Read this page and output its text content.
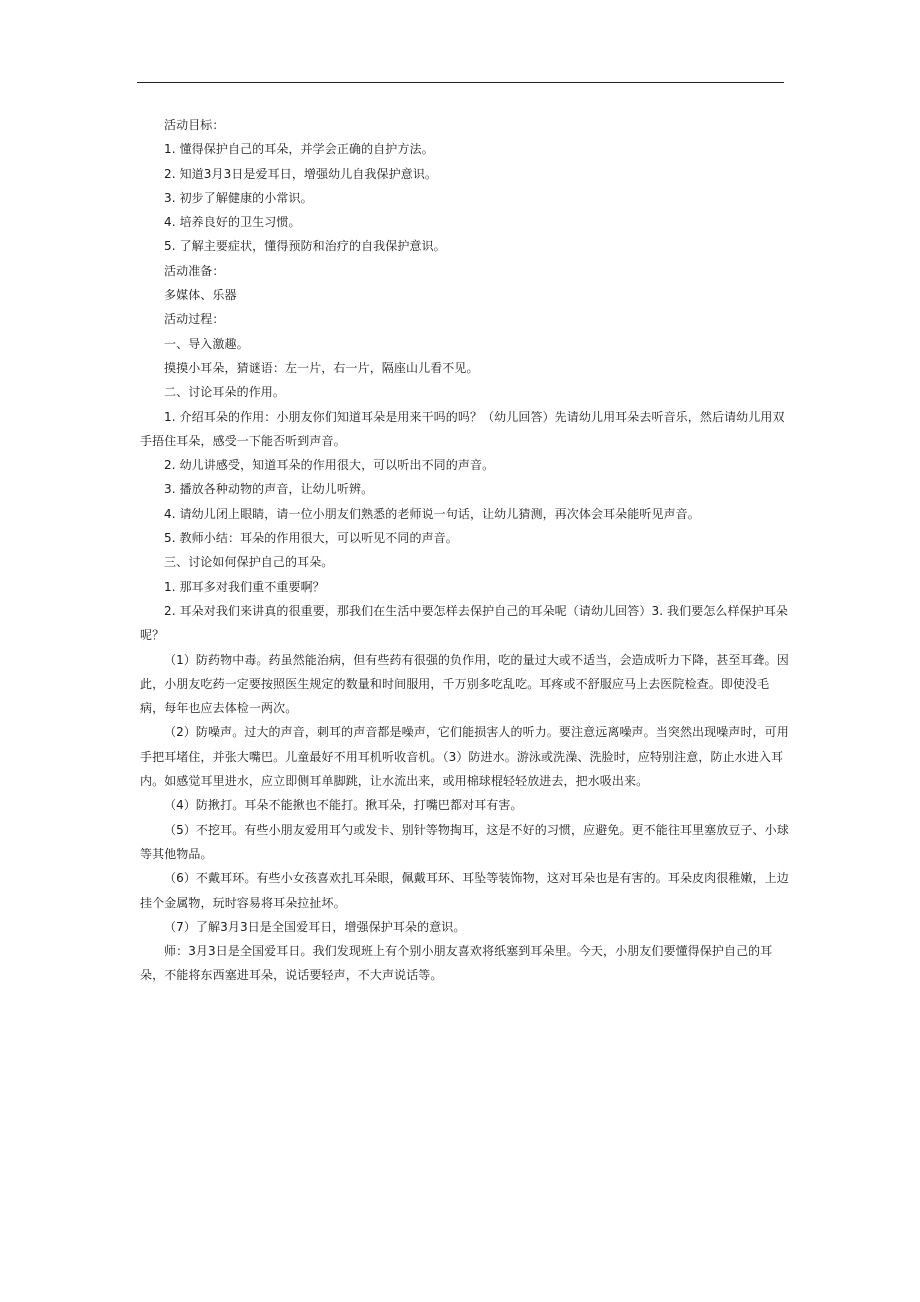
活动目标：

1. 懂得保护自己的耳朵，并学会正确的自护方法。

2. 知道3月3日是爱耳日，增强幼儿自我保护意识。

3. 初步了解健康的小常识。

4. 培养良好的卫生习惯。

5. 了解主要症状，懂得预防和治疗的自我保护意识。

活动准备：

多媒体、乐器

活动过程：

一、导入激趣。

摸摸小耳朵，猜谜语：左一片，右一片，隔座山儿看不见。

二、讨论耳朵的作用。

1. 介绍耳朵的作用：小朋友你们知道耳朵是用来干吗的吗？（幼儿回答）先请幼儿用耳朵去听音乐，然后请幼儿用双手捂住耳朵，感受一下能否听到声音。

2. 幼儿讲感受，知道耳朵的作用很大，可以听出不同的声音。

3. 播放各种动物的声音，让幼儿听辨。

4. 请幼儿闭上眼睛，请一位小朋友们熟悉的老师说一句话，让幼儿猜测，再次体会耳朵能听见声音。

5. 教师小结：耳朵的作用很大，可以听见不同的声音。

三、讨论如何保护自己的耳朵。

1. 那耳多对我们重不重要啊？

2. 耳朵对我们来讲真的很重要，那我们在生活中要怎样去保护自己的耳朵呢（请幼儿回答）3. 我们要怎么样保护耳朵呢？

（1）防药物中毒。药虽然能治病，但有些药有很强的负作用，吃的量过大或不适当，会造成听力下降，甚至耳聋。因此，小朋友吃药一定要按照医生规定的数量和时间服用，千万别多吃乱吃。耳疼或不舒服应马上去医院检查。即使没毛病，每年也应去体检一两次。

（2）防噪声。过大的声音，刺耳的声音都是噪声，它们能损害人的听力。要注意远离噪声。当突然出现噪声时，可用手把耳堵住，并张大嘴巴。儿童最好不用耳机听收音机。（3）防进水。游泳或洗澡、洗脸时，应特别注意，防止水进入耳内。如感觉耳里进水，应立即侧耳单脚跳，让水流出来，或用棉球棍轻轻放进去，把水吸出来。

（4）防揪打。耳朵不能揪也不能打。揪耳朵，打嘴巴都对耳有害。

（5）不挖耳。有些小朋友爱用耳勺或发卡、别针等物掏耳，这是不好的习惯，应避免。更不能往耳里塞放豆子、小球等其他物品。

（6）不戴耳环。有些小女孩喜欢扎耳朵眼，佩戴耳环、耳坠等装饰物，这对耳朵也是有害的。耳朵皮肉很稚嫩，上边挂个金属物，玩时容易将耳朵拉扯坏。

（7）了解3月3日是全国爱耳日，增强保护耳朵的意识。

师：3月3日是全国爱耳日。我们发现班上有个别小朋友喜欢将纸塞到耳朵里。今天，小朋友们要懂得保护自己的耳朵，不能将东西塞进耳朵，说话要轻声，不大声说话等。
